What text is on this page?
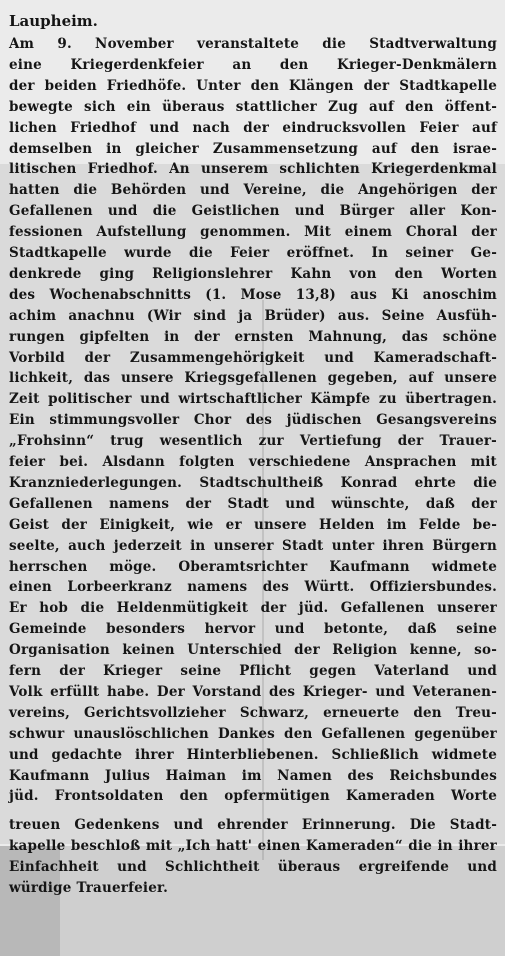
Laupheim.
Am 9. November veranstaltete die Stadtverwaltung
eine Kriegerdenkfeier an den Krieger-Denkmälern
der beiden Friedhöfe. Unter den Klängen der Stadtkapelle
bewegte sich ein überaus stattlicher Zug auf den öffent-
lichen Friedhof und nach der eindrucksvollen Feier auf
demselben in gleicher Zusammensetzung auf den israe-
litischen Friedhof. An unserem schlichten Kriegerdenkmal
hatten die Behörden und Vereine, die Angehörigen der
Gefallenen und die Geistlichen und Bürger aller Kon-
fessionen Aufstellung genommen. Mit einem Choral der
Stadtkapelle wurde die Feier eröffnet. In seiner Ge-
denkrede ging Religionslehrer Kahn von den Worten
des Wochenabschnitts (1. Mose 13,8) aus Ki anoschim
achim anachnu (Wir sind ja Brüder) aus. Seine Ausfüh-
rungen gipfelten in der ernsten Mahnung, das schöne
Vorbild der Zusammengehörigkeit und Kameradschaft-
lichkeit, das unsere Kriegsgefallenen gegeben, auf unsere
Zeit politischer und wirtschaftlicher Kämpfe zu übertragen.
Ein stimmungsvoller Chor des jüdischen Gesangsvereins
„Frohsinn“ trug wesentlich zur Vertiefung der Trauer-
feier bei. Alsdann folgten verschiedene Ansprachen mit
Kranzniederlegungen. Stadtschultheiß Konrad ehrte die
Gefallenen namens der Stadt und wünschte, daß der
Geist der Einigkeit, wie er unsere Helden im Felde be-
seelte, auch jederzeit in unserer Stadt unter ihren Bürgern
herrschen möge. Oberamtsrichter Kaufmann widmete
einen Lorbeerkranz namens des Württ. Offiziersbundes.
Er hob die Heldenmütigkeit der jüd. Gefallenen unserer
Gemeinde besonders hervor und betonte, daß seine
Organisation keinen Unterschied der Religion kenne, so-
fern der Krieger seine Pflicht gegen Vaterland und
Volk erfüllt habe. Der Vorstand des Krieger- und Veteranen-
vereins, Gerichtsvollzieher Schwarz, erneuerte den Treu-
schwur unauslöschlichen Dankes den Gefallenen gegenüber
und gedachte ihrer Hinterbliebenen. Schließlich widmete
Kaufmann Julius Haiman im Namen des Reichsbundes
jüd. Frontsoldaten den opfermütigen Kameraden Worte
treuen Gedenkens und ehrender Erinnerung. Die Stadt-
kapelle beschloß mit „Ich hatt' einen Kameraden“ die in ihrer
Einfachheit und Schlichtheit überaus ergreifende und
würdige Trauerfeier.
